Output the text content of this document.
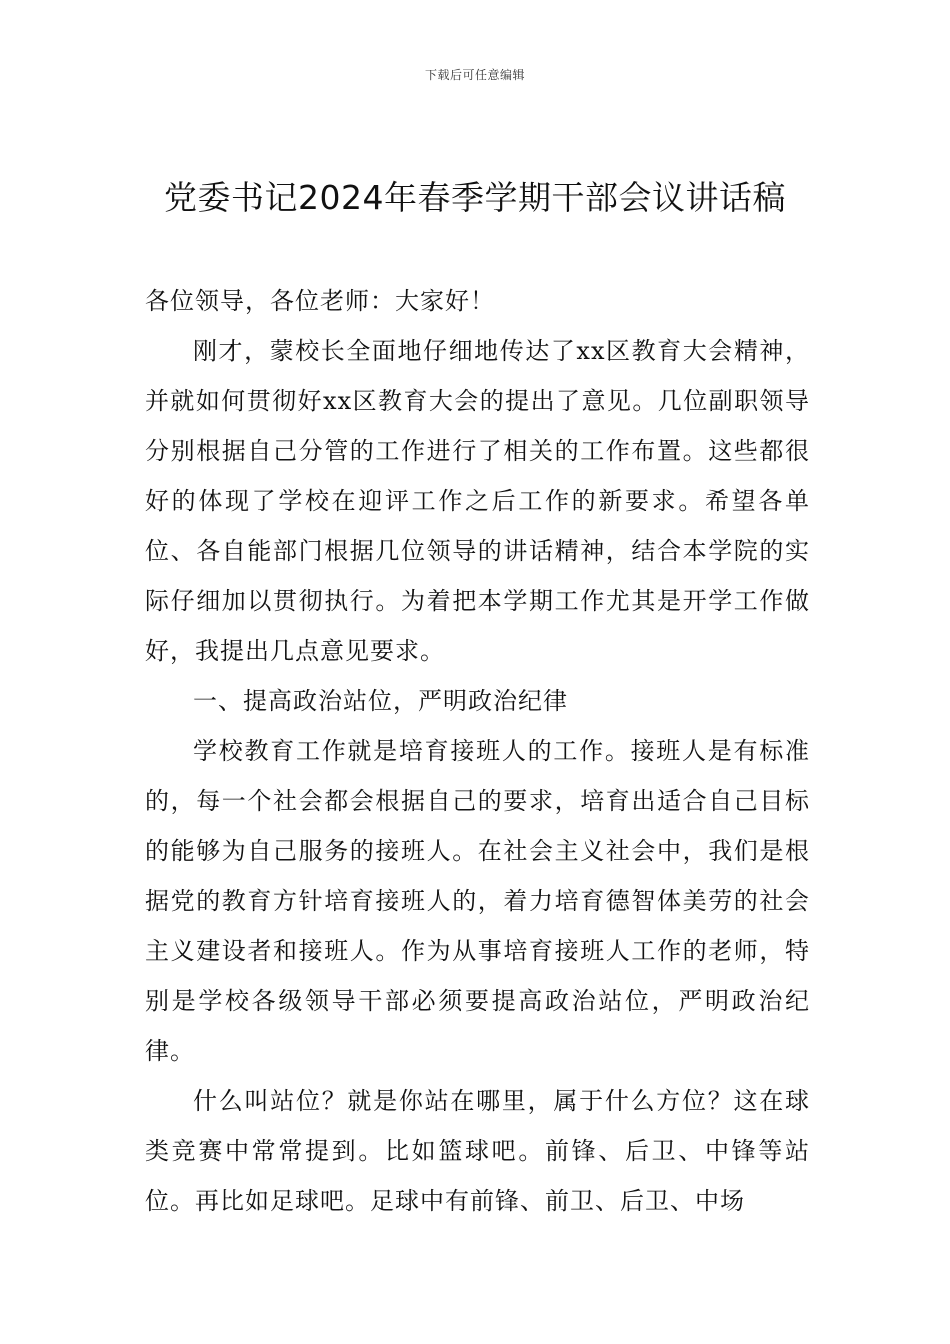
下载后可任意编辑
党委书记2024年春季学期干部会议讲话稿

各位领导，各位老师：大家好！

刚才，蒙校长全面地仔细地传达了xx区教育大会精神，并就如何贯彻好xx区教育大会的提出了意见。几位副职领导分别根据自己分管的工作进行了相关的工作布置。这些都很好的体现了学校在迎评工作之后工作的新要求。希望各单位、各自能部门根据几位领导的讲话精神，结合本学院的实际仔细加以贯彻执行。为着把本学期工作尤其是开学工作做好，我提出几点意见要求。

一、提高政治站位，严明政治纪律

学校教育工作就是培育接班人的工作。接班人是有标准的，每一个社会都会根据自己的要求，培育出适合自己目标的能够为自己服务的接班人。在社会主义社会中，我们是根据党的教育方针培育接班人的，着力培育德智体美劳的社会主义建设者和接班人。作为从事培育接班人工作的老师，特别是学校各级领导干部必须要提高政治站位，严明政治纪律。

什么叫站位？就是你站在哪里，属于什么方位？这在球类竞赛中常常提到。比如篮球吧。前锋、后卫、中锋等站位。再比如足球吧。足球中有前锋、前卫、后卫、中场
